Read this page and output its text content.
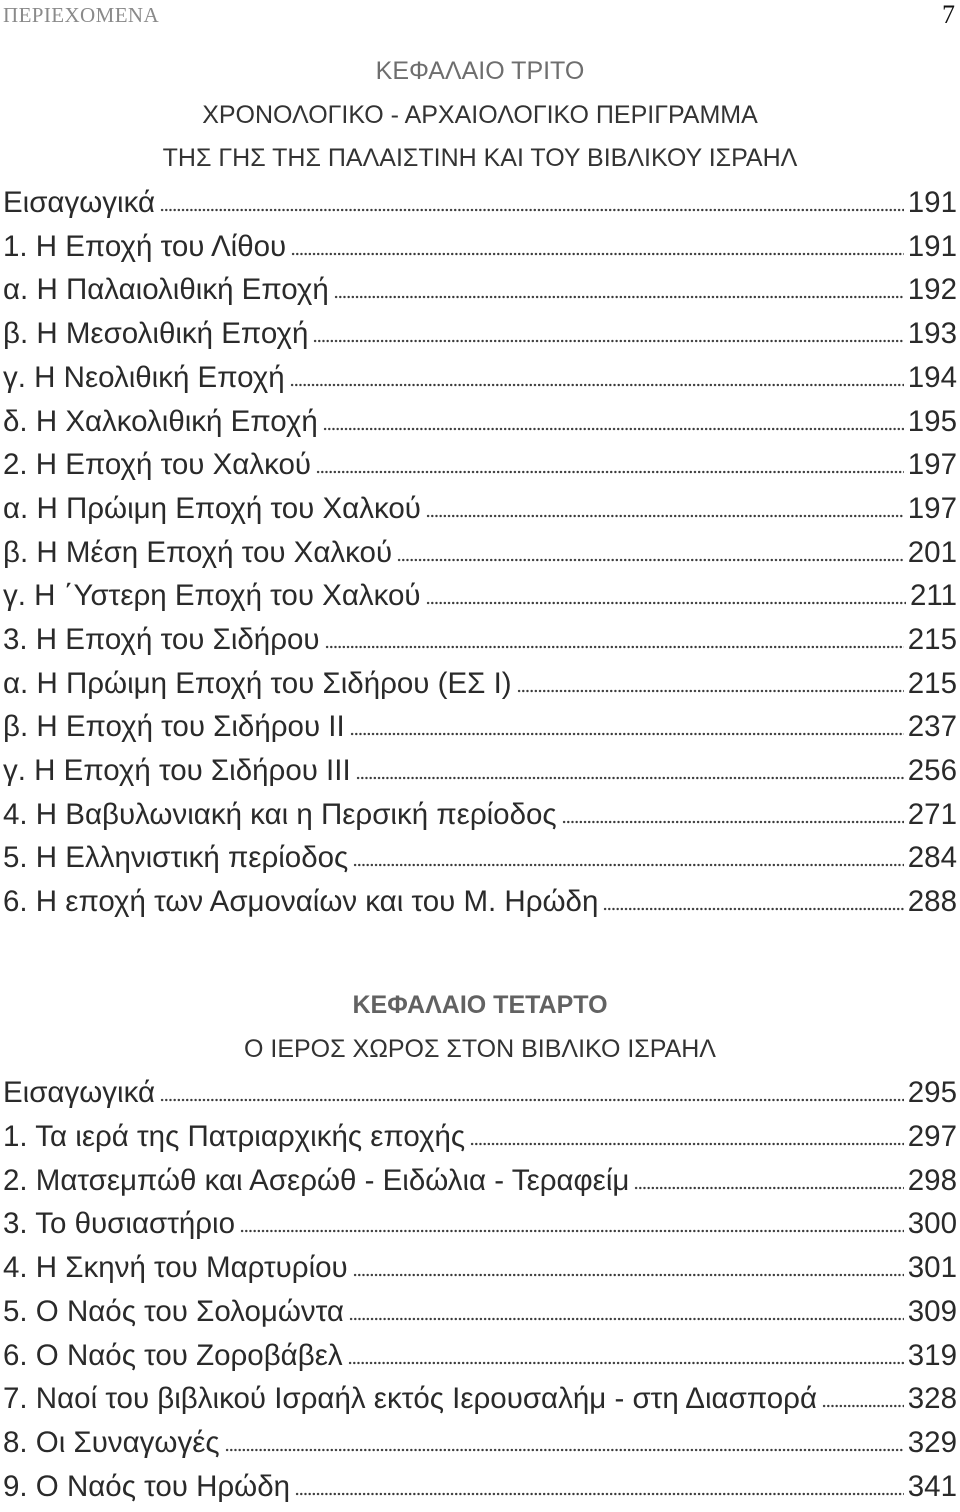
ΠΕΡΙΕΧΟΜΕΝΑ	7
ΚΕΦΑΛΑΙΟ ΤΡΙΤΟ
ΧΡΟΝΟΛΟΓΙΚΟ - ΑΡΧΑΙΟΛΟΓΙΚΟ ΠΕΡΙΓΡΑΜΜΑ
ΤΗΣ ΓΗΣ ΤΗΣ ΠΑΛΑΙΣΤΙΝΗ ΚΑΙ ΤΟΥ ΒΙΒΛΙΚΟΥ ΙΣΡΑΗΛ
Εισαγωγικά	191
1. Η Εποχή του Λίθου	191
α. Η Παλαιολιθική Εποχή	192
β. Η Μεσολιθική Εποχή	193
γ. Η Νεολιθική Εποχή	194
δ. Η Χαλκολιθική Εποχή	195
2. Η Εποχή του Χαλκού	197
α. Η Πρώιμη Εποχή του Χαλκού	197
β. Η Μέση Εποχή του Χαλκού	201
γ. Η ΄Υστερη Εποχή του Χαλκού	211
3. Η Εποχή του Σιδήρου	215
α. Η Πρώιμη Εποχή του Σιδήρου (ΕΣ Ι)	215
β. Η Εποχή του Σιδήρου ΙΙ	237
γ. Η Εποχή του Σιδήρου ΙΙΙ	256
4. Η Βαβυλωνιακή και η Περσική περίοδος	271
5. Η Ελληνιστική περίοδος	284
6. Η εποχή των Ασμοναίων και του Μ. Ηρώδη	288
ΚΕΦΑΛΑΙΟ ΤΕΤΑΡΤΟ
Ο ΙΕΡΟΣ ΧΩΡΟΣ ΣΤΟΝ ΒΙΒΛΙΚΟ ΙΣΡΑΗΛ
Εισαγωγικά	295
1. Τα ιερά της Πατριαρχικής εποχής	297
2. Ματσεμπώθ και Ασερώθ - Ειδώλια - Τεραφείμ	298
3. Το θυσιαστήριο	300
4. Η Σκηνή του Μαρτυρίου	301
5. Ο Ναός του Σολομώντα	309
6. Ο Ναός του Ζοροβάβελ	319
7. Ναοί του βιβλικού Ισραήλ εκτός Ιερουσαλήμ - στη Διασπορά	328
8. Οι Συναγωγές	329
9. Ο Ναός του Ηρώδη	341
